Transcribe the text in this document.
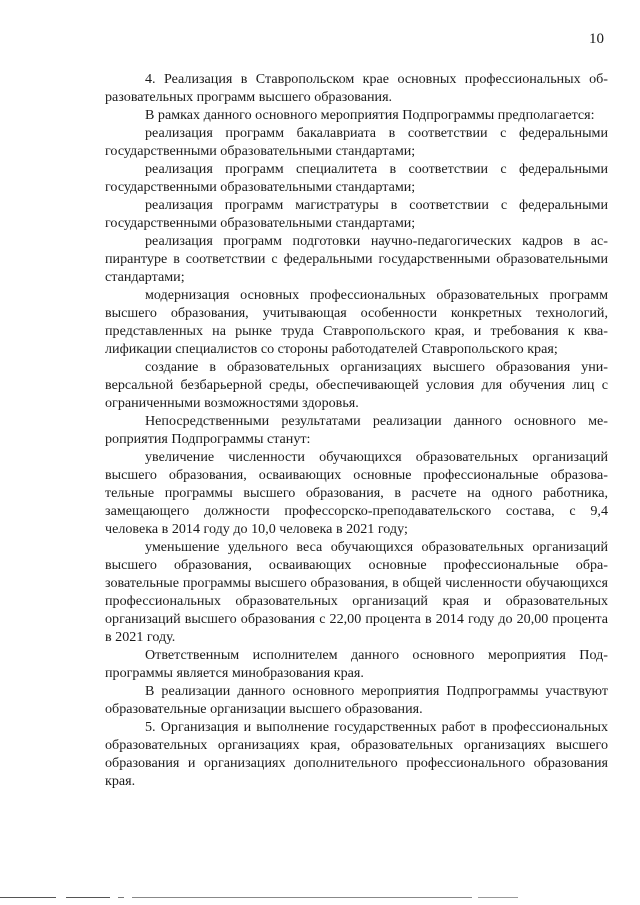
10

4. Реализация в Ставропольском крае основных профессиональных образовательных программ высшего образования.

В рамках данного основного мероприятия Подпрограммы предполагается:

реализация программ бакалавриата в соответствии с федеральными государственными образовательными стандартами;

реализация программ специалитета в соответствии с федеральными государственными образовательными стандартами;

реализация программ магистратуры в соответствии с федеральными государственными образовательными стандартами;

реализация программ подготовки научно-педагогических кадров в аспирантуре в соответствии с федеральными государственными образовательными стандартами;

модернизация основных профессиональных образовательных программ высшего образования, учитывающая особенности конкретных технологий, представленных на рынке труда Ставропольского края, и требования к квалификации специалистов со стороны работодателей Ставропольского края;

создание в образовательных организациях высшего образования универсальной безбарьерной среды, обеспечивающей условия для обучения лиц с ограниченными возможностями здоровья.

Непосредственными результатами реализации данного основного мероприятия Подпрограммы станут:

увеличение численности обучающихся образовательных организаций высшего образования, осваивающих основные профессиональные образовательные программы высшего образования, в расчете на одного работника, замещающего должности профессорско-преподавательского состава, с 9,4 человека в 2014 году до 10,0 человека в 2021 году;

уменьшение удельного веса обучающихся образовательных организаций высшего образования, осваивающих основные профессиональные образовательные программы высшего образования, в общей численности обучающихся профессиональных образовательных организаций края и образовательных организаций высшего образования с 22,00 процента в 2014 году до 20,00 процента в 2021 году.

Ответственным исполнителем данного основного мероприятия Подпрограммы является минобразования края.

В реализации данного основного мероприятия Подпрограммы участвуют образовательные организации высшего образования.

5. Организация и выполнение государственных работ в профессиональных образовательных организациях края, образовательных организациях высшего образования и организациях дополнительного профессионального образования края.
